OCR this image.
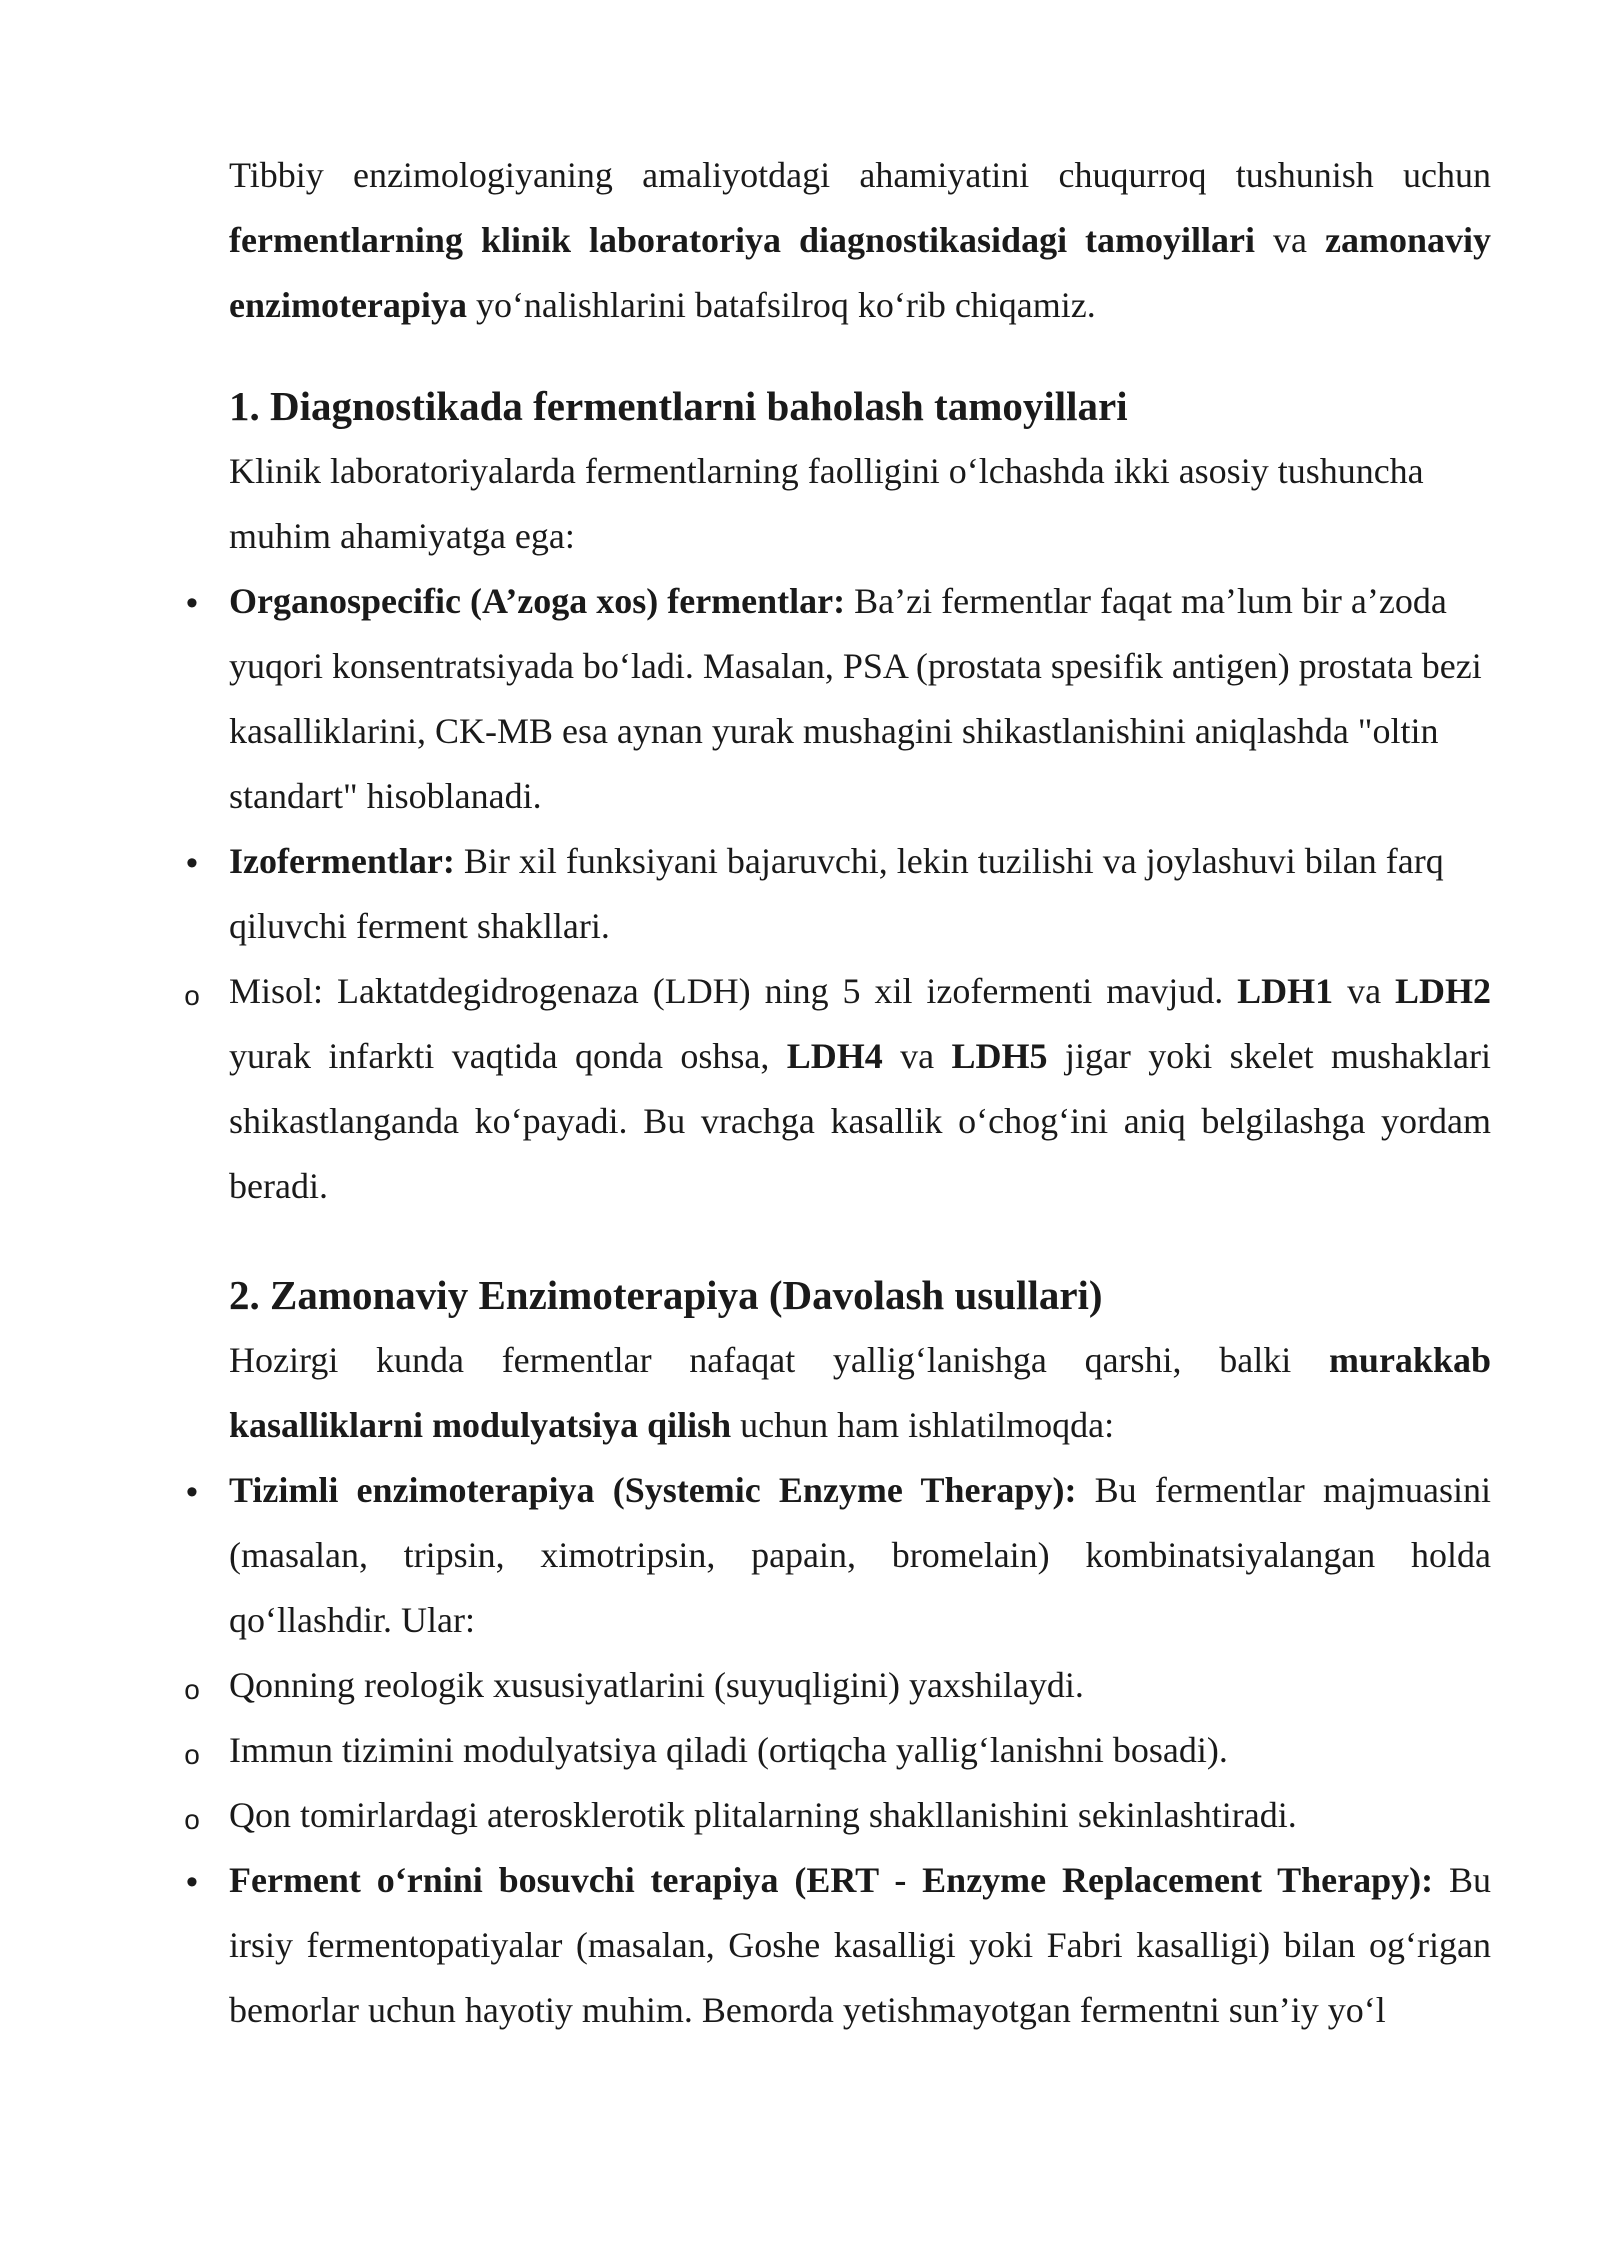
Tibbiy enzimologiyaning amaliyotdagi ahamiyatini chuqurroq tushunish uchun fermentlarning klinik laboratoriya diagnostikasidagi tamoyillari va zamonaviy enzimoterapiya yo‘nalishlarini batafsilroq ko‘rib chiqamiz.

1. Diagnostikada fermentlarni baholash tamoyillari

Klinik laboratoriyalarda fermentlarning faolligini o‘lchashda ikki asosiy tushuncha muhim ahamiyatga ega:

• Organospecific (A’zoga xos) fermentlar: Ba’zi fermentlar faqat ma’lum bir a’zoda yuqori konsentratsiyada bo‘ladi. Masalan, PSA (prostata spesifik antigen) prostata bezi kasalliklarini, CK-MB esa aynan yurak mushagini shikastlanishini aniqlashda "oltin standart" hisoblanadi.

• Izofermentlar: Bir xil funksiyani bajaruvchi, lekin tuzilishi va joylashuvi bilan farq qiluvchi ferment shakllari.

o Misol: Laktatdegidrogenaza (LDH) ning 5 xil izofermenti mavjud. LDH1 va LDH2 yurak infarkti vaqtida qonda oshsa, LDH4 va LDH5 jigar yoki skelet mushaklari shikastlanganda ko‘payadi. Bu vrachga kasallik o‘chog‘ini aniq belgilashga yordam beradi.

2. Zamonaviy Enzimoterapiya (Davolash usullari)

Hozirgi kunda fermentlar nafaqat yallig‘lanishga qarshi, balki murakkab kasalliklarni modulyatsiya qilish uchun ham ishlatilmoqda:

• Tizimli enzimoterapiya (Systemic Enzyme Therapy): Bu fermentlar majmuasini (masalan, tripsin, ximotripsin, papain, bromelain) kombinatsiyalangan holda qo‘llashdir. Ular:

o Qonning reologik xususiyatlarini (suyuqligini) yaxshilaydi.

o Immun tizimini modulyatsiya qiladi (ortiqcha yallig‘lanishni bosadi).

o Qon tomirlardagi aterosklerotik plitalarning shakllanishini sekinlashtiradi.

• Ferment o‘rnini bosuvchi terapiya (ERT - Enzyme Replacement Therapy): Bu irsiy fermentopatiyalar (masalan, Goshe kasalligi yoki Fabri kasalligi) bilan og‘rigan bemorlar uchun hayotiy muhim. Bemorda yetishmayotgan fermentni sun’iy yo‘l
